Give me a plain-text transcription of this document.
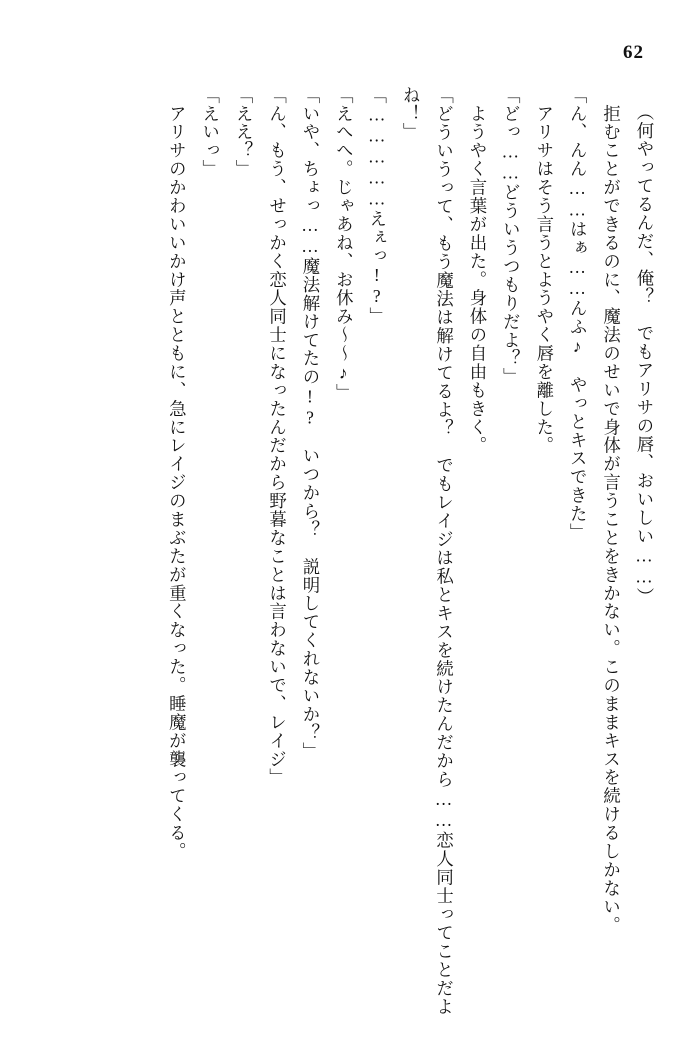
62

（何やってるんだ、俺？　でもアリサの唇、おいしい……）

　拒むことができるのに、魔法のせいで身体が言うことをきかない。このままキスを続けるしかない。

「ん、んん……はぁ……んふ♪　やっとキスできた」

　アリサはそう言うとようやく唇を離した。

「どっ……どういうつもりだよ？」

　ようやく言葉が出た。身体の自由もきく。

「どういうって、もう魔法は解けてるよ？　でもレイジは私とキスを続けたんだから……恋人同士ってことだよね！」

「……………えぇっ!?」

「えへへ。じゃあね、お休み～～♪」

「いや、ちょっ……魔法解けてたの!?　いつから？　説明してくれないか？」

「ん、もう、せっかく恋人同士になったんだから野暮なことは言わないで、レイジ」

「ええ？」

「えいっ」

　アリサのかわいいかけ声とともに、急にレイジのまぶたが重くなった。睡魔が襲ってくる。
